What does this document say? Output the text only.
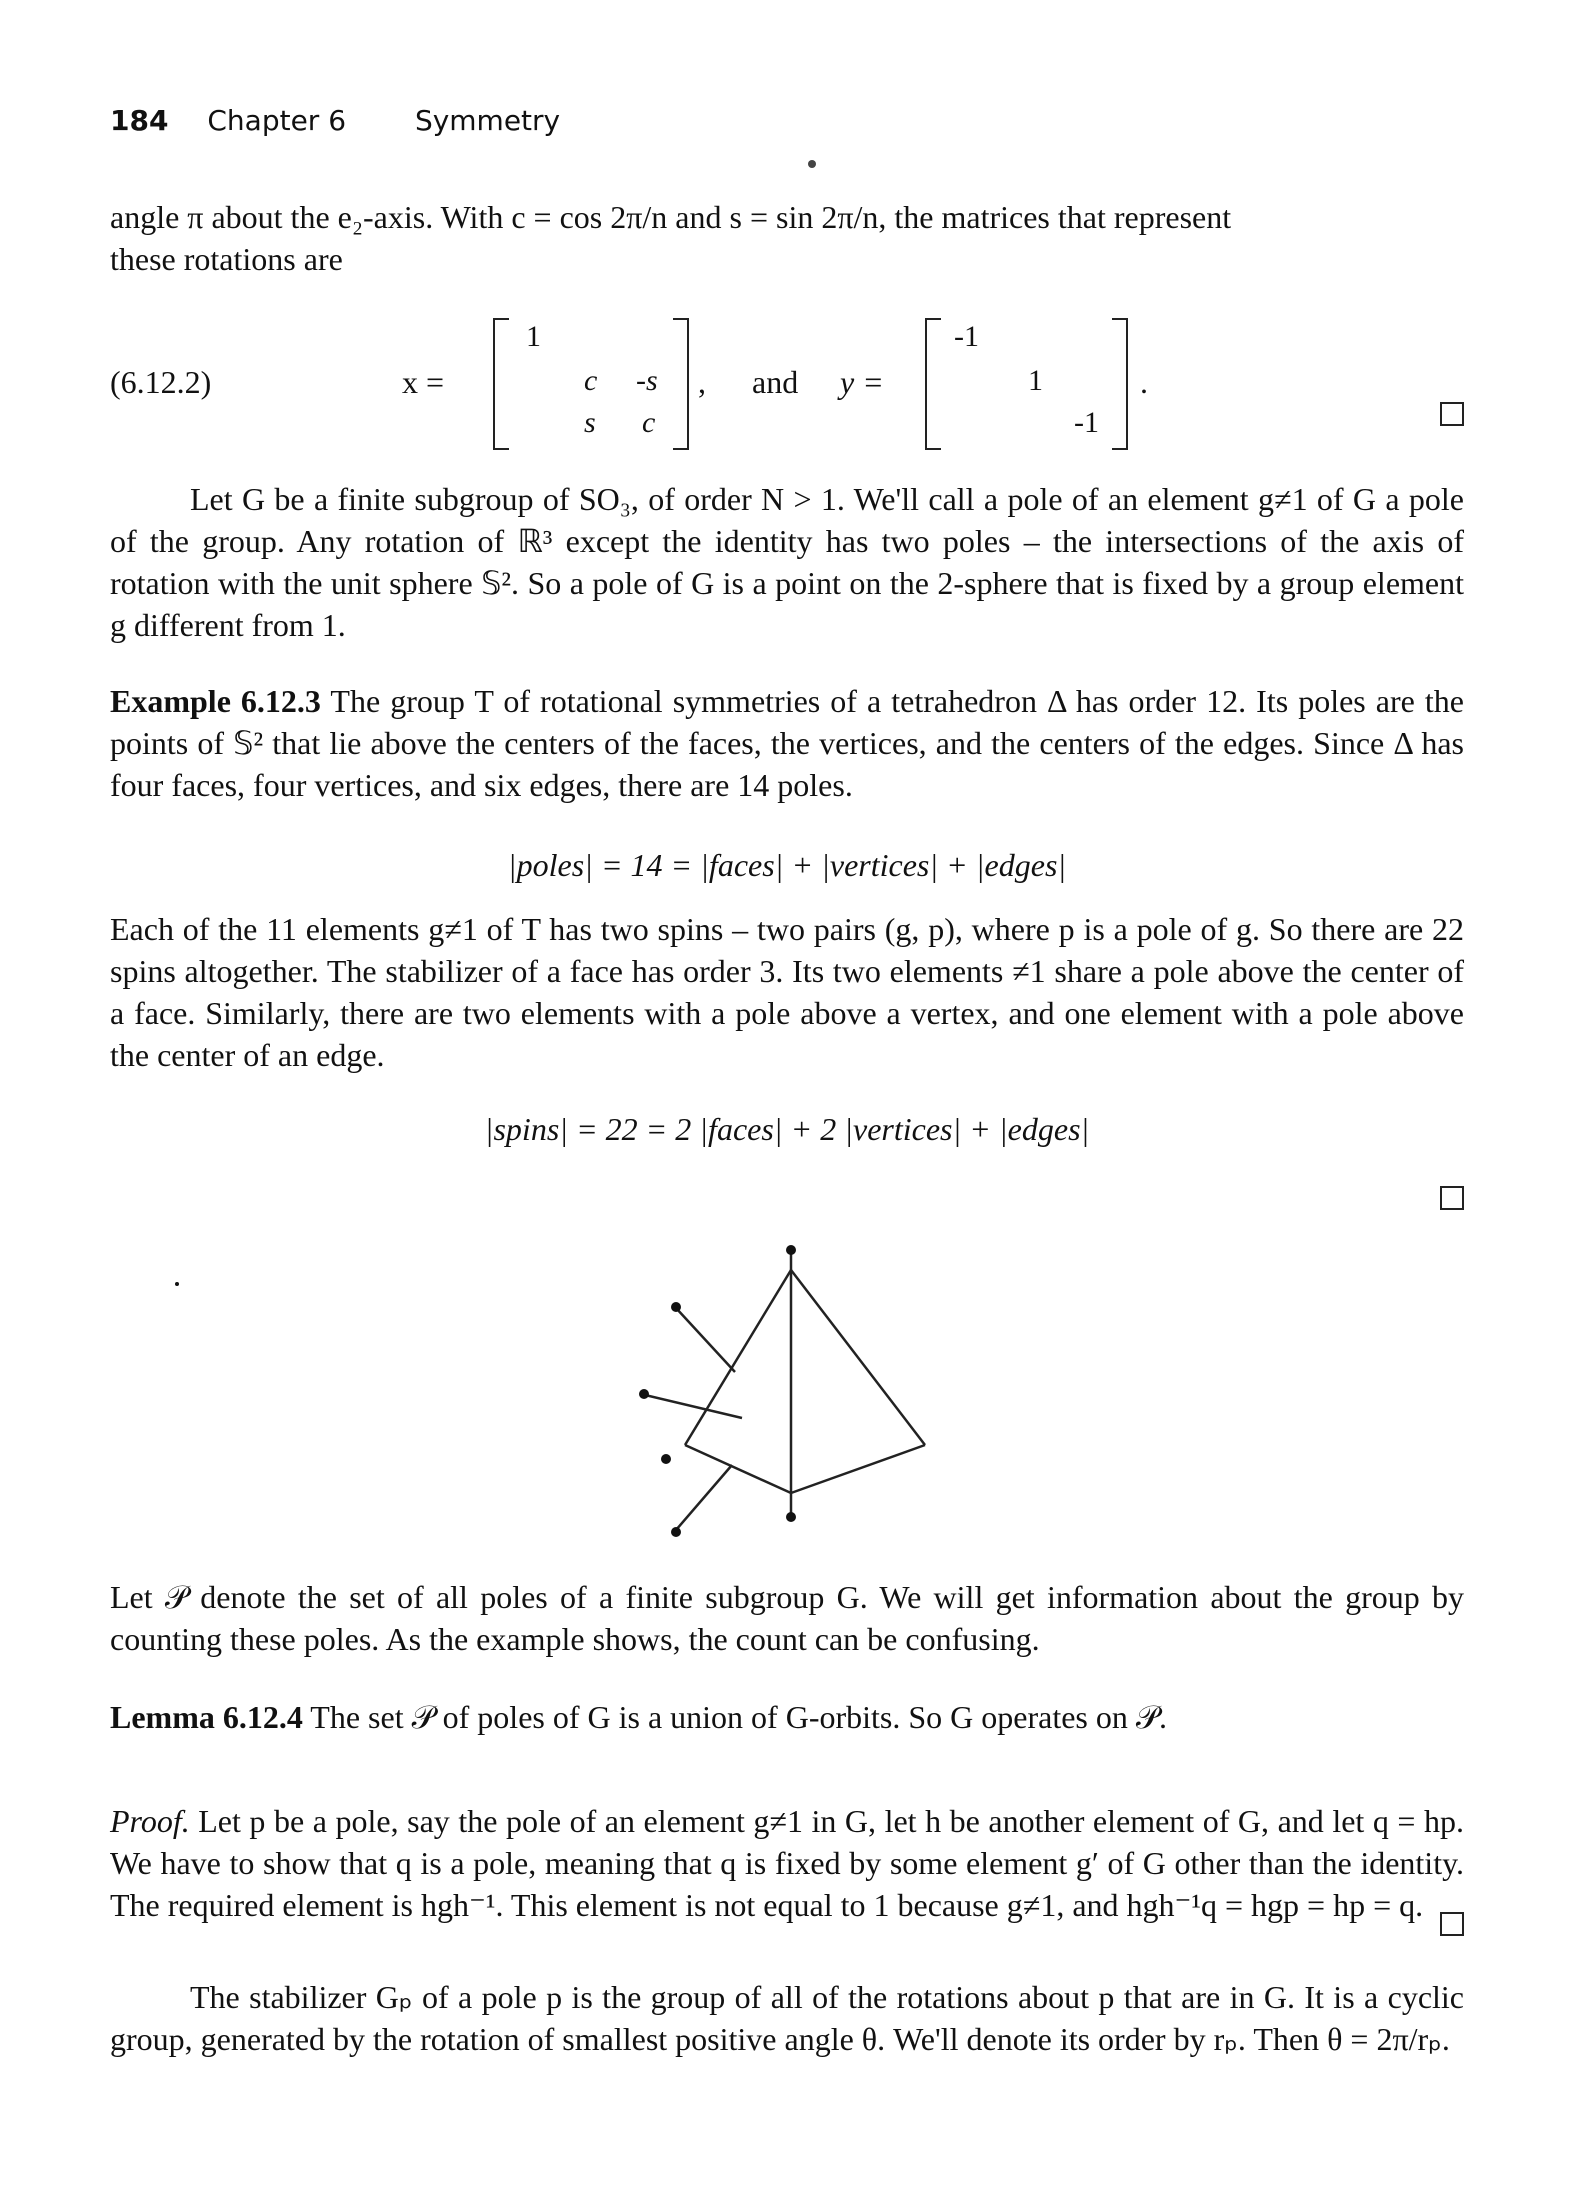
184 Chapter 6 Symmetry
angle π about the e₂-axis. With c = cos 2π/n and s = sin 2π/n, the matrices that represent
these rotations are
(6.12.2)	x =
1
c -s
s c
, and y =
-1
1
-1
.
Let G be a finite subgroup of SO₃, of order N > 1. We'll call a pole of an element g≠1 of G a pole of the group. Any rotation of ℝ³ except the identity has two poles – the intersections of the axis of rotation with the unit sphere 𝕊². So a pole of G is a point on the 2-sphere that is fixed by a group element g different from 1.
Example 6.12.3 The group T of rotational symmetries of a tetrahedron Δ has order 12. Its poles are the points of 𝕊² that lie above the centers of the faces, the vertices, and the centers of the edges. Since Δ has four faces, four vertices, and six edges, there are 14 poles.
|poles| = 14 = |faces| + |vertices| + |edges|
Each of the 11 elements g≠1 of T has two spins – two pairs (g, p), where p is a pole of g. So there are 22 spins altogether. The stabilizer of a face has order 3. Its two elements ≠1 share a pole above the center of a face. Similarly, there are two elements with a pole above a vertex, and one element with a pole above the center of an edge.
|spins| = 22 = 2 |faces| + 2 |vertices| + |edges|
Let 𝒫 denote the set of all poles of a finite subgroup G. We will get information about the group by counting these poles. As the example shows, the count can be confusing.
Lemma 6.12.4 The set 𝒫 of poles of G is a union of G-orbits. So G operates on 𝒫.
Proof. Let p be a pole, say the pole of an element g≠1 in G, let h be another element of G, and let q = hp. We have to show that q is a pole, meaning that q is fixed by some element g′ of G other than the identity. The required element is hgh⁻¹. This element is not equal to 1 because g≠1, and hgh⁻¹q = hgp = hp = q.
The stabilizer Gₚ of a pole p is the group of all of the rotations about p that are in G. It is a cyclic group, generated by the rotation of smallest positive angle θ. We'll denote its order by rₚ. Then θ = 2π/rₚ.
